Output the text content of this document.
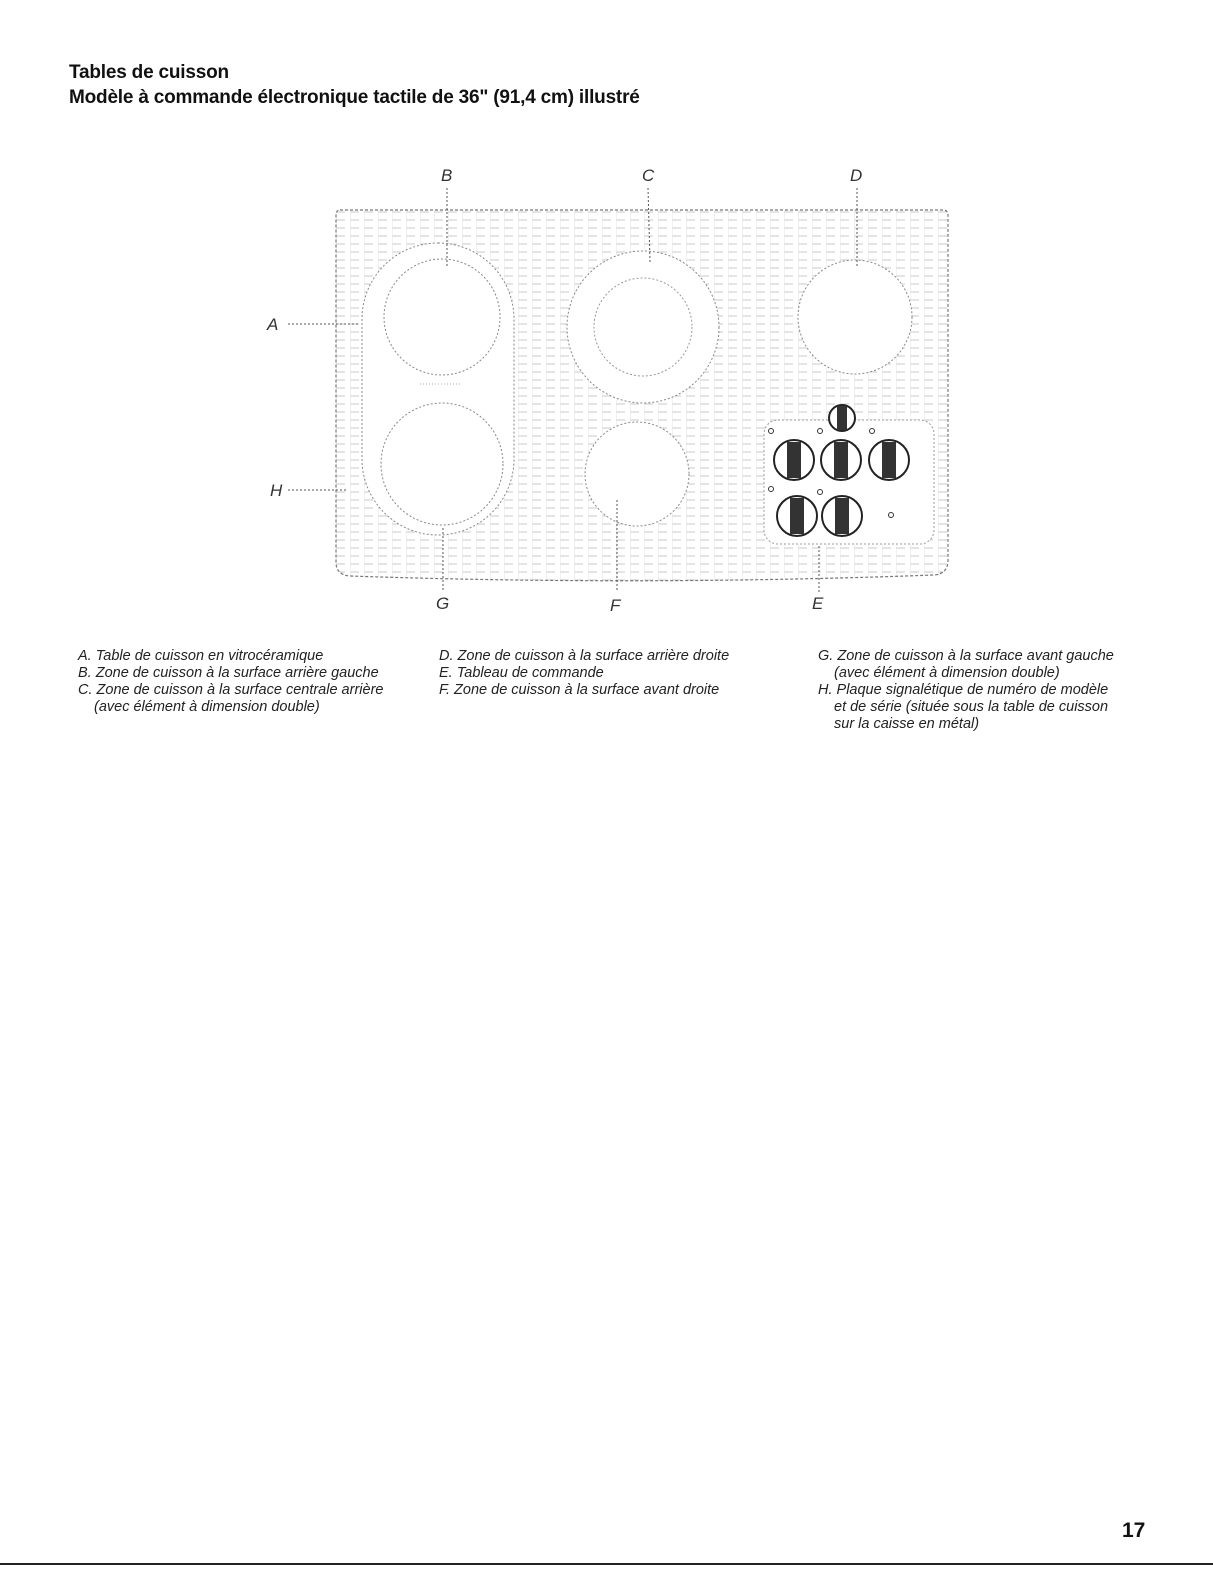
Tables de cuisson
Modèle à commande électronique tactile de 36" (91,4 cm) illustré
A
B	C	D
H
G	F	E

A. Table de cuisson en vitrocéramique

B. Zone de cuisson à la surface arrière gauche

C. Zone de cuisson à la surface centrale arrière

(avec élément à dimension double)

D. Zone de cuisson à la surface arrière droite

E. Tableau de commande

F. Zone de cuisson à la surface avant droite

G. Zone de cuisson à la surface avant gauche

(avec élément à dimension double)

H. Plaque signalétique de numéro de modèle

et de série (située sous la table de cuisson

sur la caisse en métal)

17
